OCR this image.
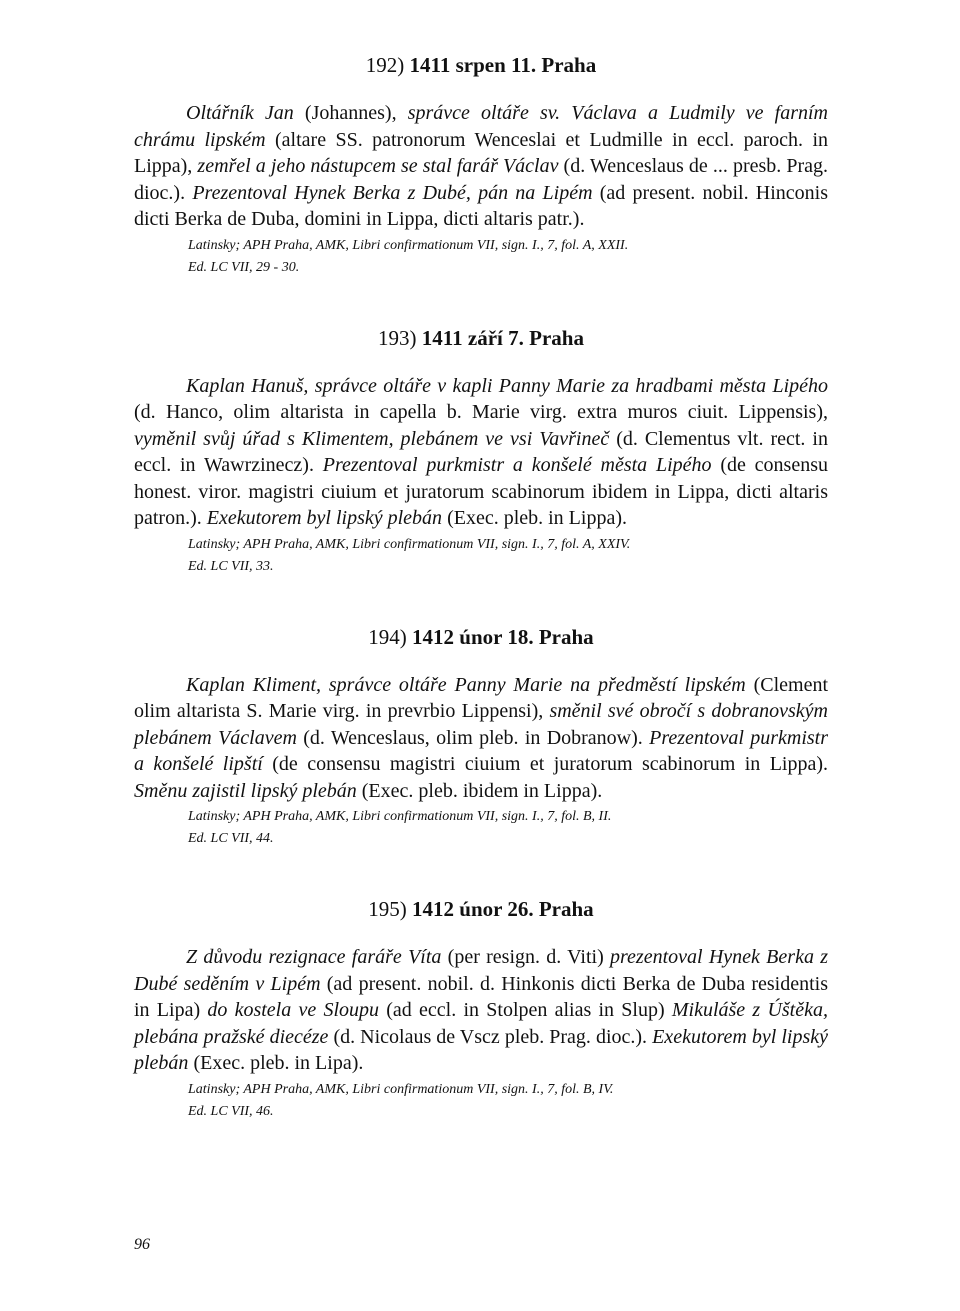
192) 1411 srpen 11. Praha

Oltářník Jan (Johannes), správce oltáře sv. Václava a Ludmily ve farním chrámu lipském (altare SS. patronorum Wenceslai et Ludmille in eccl. paroch. in Lippa), zemřel a jeho nástupcem se stal farář Václav (d. Wenceslaus de ... presb. Prag. dioc.). Prezentoval Hynek Berka z Dubé, pán na Lipém (ad present. nobil. Hinconis dicti Berka de Duba, domini in Lippa, dicti altaris patr.).

Latinsky; APH Praha, AMK, Libri confirmationum VII, sign. I., 7, fol. A, XXII.
Ed. LC VII, 29 - 30.
193) 1411 září 7. Praha

Kaplan Hanuš, správce oltáře v kapli Panny Marie za hradbami města Lipého (d. Hanco, olim altarista in capella b. Marie virg. extra muros ciuit. Lippensis), vyměnil svůj úřad s Klimentem, plebánem ve vsi Vavřineč (d. Clementus vlt. rect. in eccl. in Wawrzinecz). Prezentoval purkmistr a konšelé města Lipého (de consensu honest. viror. magistri ciuium et juratorum scabinorum ibidem in Lippa, dicti altaris patron.). Exekutorem byl lipský plebán (Exec. pleb. in Lippa).

Latinsky; APH Praha, AMK, Libri confirmationum VII, sign. I., 7, fol. A, XXIV.
Ed. LC VII, 33.
194) 1412 únor 18. Praha

Kaplan Kliment, správce oltáře Panny Marie na předměstí lipském (Clement olim altarista S. Marie virg. in prevrbio Lippensi), směnil své obročí s dobranovským plebánem Václavem (d. Wenceslaus, olim pleb. in Dobranow). Prezentoval purkmistr a konšelé lipští (de consensu magistri ciuium et juratorum scabinorum in Lippa). Směnu zajistil lipský plebán (Exec. pleb. ibidem in Lippa).

Latinsky; APH Praha, AMK, Libri confirmationum VII, sign. I., 7, fol. B, II.
Ed. LC VII, 44.
195) 1412 únor 26. Praha

Z důvodu rezignace faráře Víta (per resign. d. Viti) prezentoval Hynek Berka z Dubé seděním v Lipém (ad present. nobil. d. Hinkonis dicti Berka de Duba residentis in Lipa) do kostela ve Sloupu (ad eccl. in Stolpen alias in Slup) Mikuláše z Úštěka, plebána pražské diecéze (d. Nicolaus de Vscz pleb. Prag. dioc.). Exekutorem byl lipský plebán (Exec. pleb. in Lipa).

Latinsky; APH Praha, AMK, Libri confirmationum VII, sign. I., 7, fol. B, IV.
Ed. LC VII, 46.
96
